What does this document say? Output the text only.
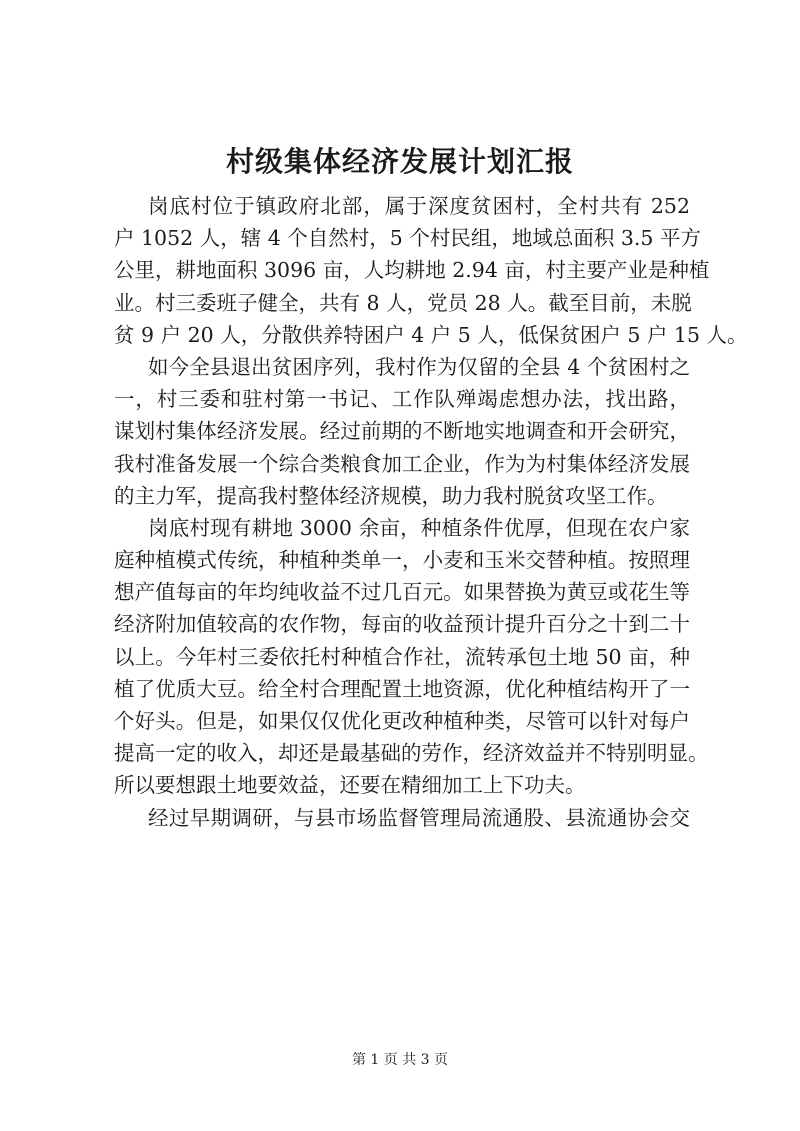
村级集体经济发展计划汇报
岗底村位于镇政府北部，属于深度贫困村，全村共有 252
户 1052 人，辖 4 个自然村，5 个村民组，地域总面积 3.5 平方
公里，耕地面积 3096 亩，人均耕地 2.94 亩，村主要产业是种植
业。村三委班子健全，共有 8 人，党员 28 人。截至目前，未脱
贫 9 户 20 人，分散供养特困户 4 户 5 人，低保贫困户 5 户 15 人。
如今全县退出贫困序列，我村作为仅留的全县 4 个贫困村之
一，村三委和驻村第一书记、工作队殚竭虑想办法，找出路，
谋划村集体经济发展。经过前期的不断地实地调查和开会研究，
我村准备发展一个综合类粮食加工企业，作为为村集体经济发展
的主力军，提高我村整体经济规模，助力我村脱贫攻坚工作。
岗底村现有耕地 3000 余亩，种植条件优厚，但现在农户家
庭种植模式传统，种植种类单一，小麦和玉米交替种植。按照理
想产值每亩的年均纯收益不过几百元。如果替换为黄豆或花生等
经济附加值较高的农作物，每亩的收益预计提升百分之十到二十
以上。今年村三委依托村种植合作社，流转承包土地 50 亩，种
植了优质大豆。给全村合理配置土地资源，优化种植结构开了一
个好头。但是，如果仅仅优化更改种植种类，尽管可以针对每户
提高一定的收入，却还是最基础的劳作，经济效益并不特别明显。
所以要想跟土地要效益，还要在精细加工上下功夫。
经过早期调研，与县市场监督管理局流通股、县流通协会交
第 1 页 共 3 页
